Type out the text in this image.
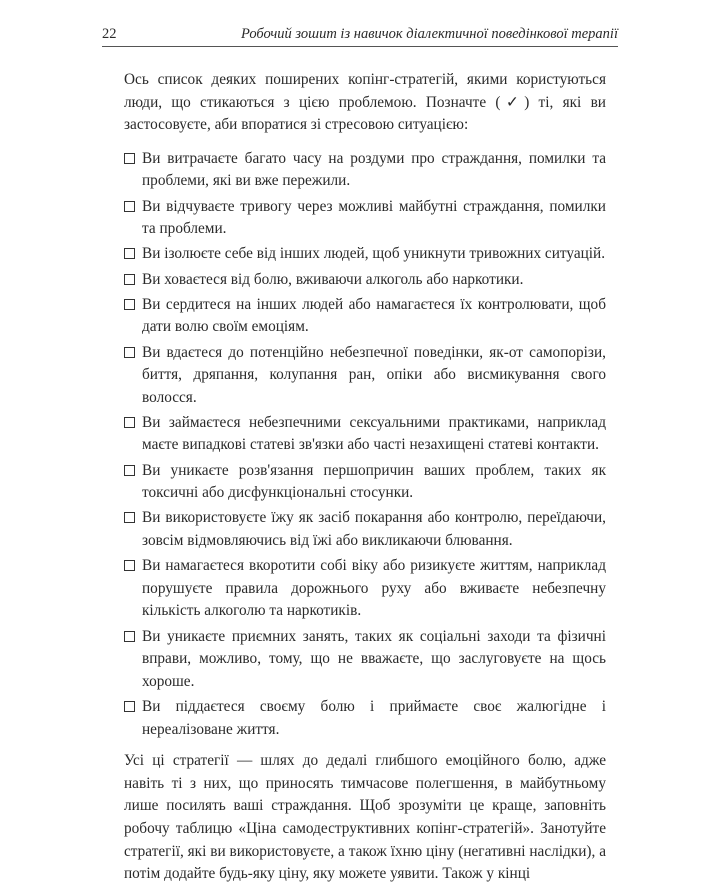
22	Робочий зошит із навичок діалектичної поведінкової терапії

Ось список деяких поширених копінг-стратегій, якими користуються люди, що стикаються з цією проблемою. Позначте (✓) ті, які ви застосовуєте, аби впоратися зі стресовою ситуацією:

Ви витрачаєте багато часу на роздуми про страждання, помилки та проблеми, які ви вже пережили.
Ви відчуваєте тривогу через можливі майбутні страждання, помилки та проблеми.
Ви ізолюєте себе від інших людей, щоб уникнути тривожних ситуацій.
Ви ховаєтеся від болю, вживаючи алкоголь або наркотики.
Ви сердитеся на інших людей або намагаєтеся їх контролювати, щоб дати волю своїм емоціям.
Ви вдаєтеся до потенційно небезпечної поведінки, як-от самопорізи, биття, дряпання, колупання ран, опіки або висмикування свого волосся.
Ви займаєтеся небезпечними сексуальними практиками, наприклад маєте випадкові статеві зв'язки або часті незахищені статеві контакти.
Ви уникаєте розв'язання першопричин ваших проблем, таких як токсичні або дисфункціональні стосунки.
Ви використовуєте їжу як засіб покарання або контролю, переїдаючи, зовсім відмовляючись від їжі або викликаючи блювання.
Ви намагаєтеся вкоротити собі віку або ризикуєте життям, наприклад порушуєте правила дорожнього руху або вживаєте небезпечну кількість алкоголю та наркотиків.
Ви уникаєте приємних занять, таких як соціальні заходи та фізичні вправи, можливо, тому, що не вважаєте, що заслуговуєте на щось хороше.
Ви піддаєтеся своєму болю і приймаєте своє жалюгідне і нереалізоване життя.

Усі ці стратегії — шлях до дедалі глибшого емоційного болю, адже навіть ті з них, що приносять тимчасове полегшення, в майбутньому лише посилять ваші страждання. Щоб зрозуміти це краще, заповніть робочу таблицю «Ціна самодеструктивних копінг-стратегій». Занотуйте стратегії, які ви використовуєте, а також їхню ціну (негативні наслідки), а потім додайте будь-яку ціну, яку можете уявити. Також у кінці
